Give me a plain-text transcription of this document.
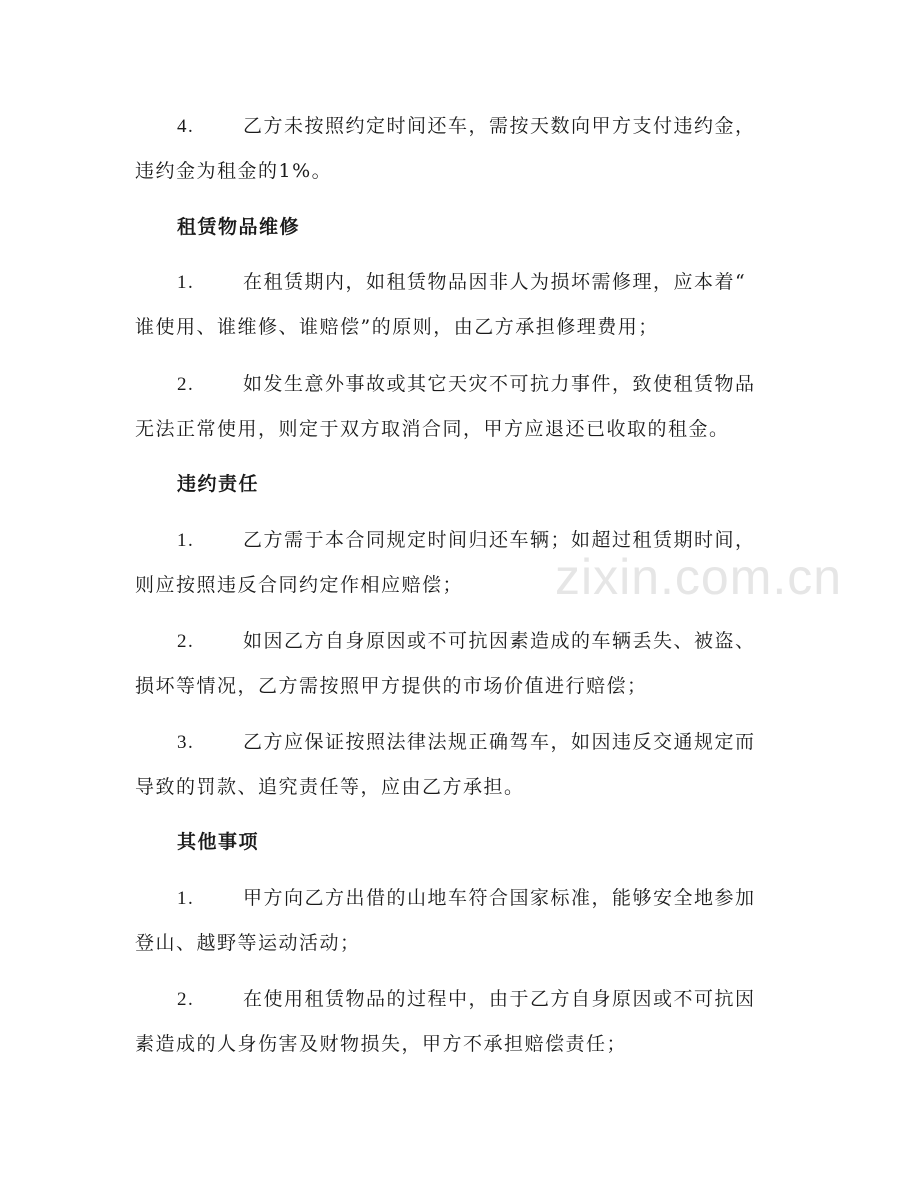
zixin.com.cn
4.	乙方未按照约定时间还车，需按天数向甲方支付违约金，
违约金为租金的1%。
租赁物品维修
1.	在租赁期内，如租赁物品因非人为损坏需修理，应本着“
谁使用、谁维修、谁赔偿”的原则，由乙方承担修理费用；
2.	如发生意外事故或其它天灾不可抗力事件，致使租赁物品
无法正常使用，则定于双方取消合同，甲方应退还已收取的租金。
违约责任
1.	乙方需于本合同规定时间归还车辆；如超过租赁期时间，
则应按照违反合同约定作相应赔偿；
2.	如因乙方自身原因或不可抗因素造成的车辆丢失、被盗、
损坏等情况，乙方需按照甲方提供的市场价值进行赔偿；
3.	乙方应保证按照法律法规正确驾车，如因违反交通规定而
导致的罚款、追究责任等，应由乙方承担。
其他事项
1.	甲方向乙方出借的山地车符合国家标准，能够安全地参加
登山、越野等运动活动；
2.	在使用租赁物品的过程中，由于乙方自身原因或不可抗因
素造成的人身伤害及财物损失，甲方不承担赔偿责任；
